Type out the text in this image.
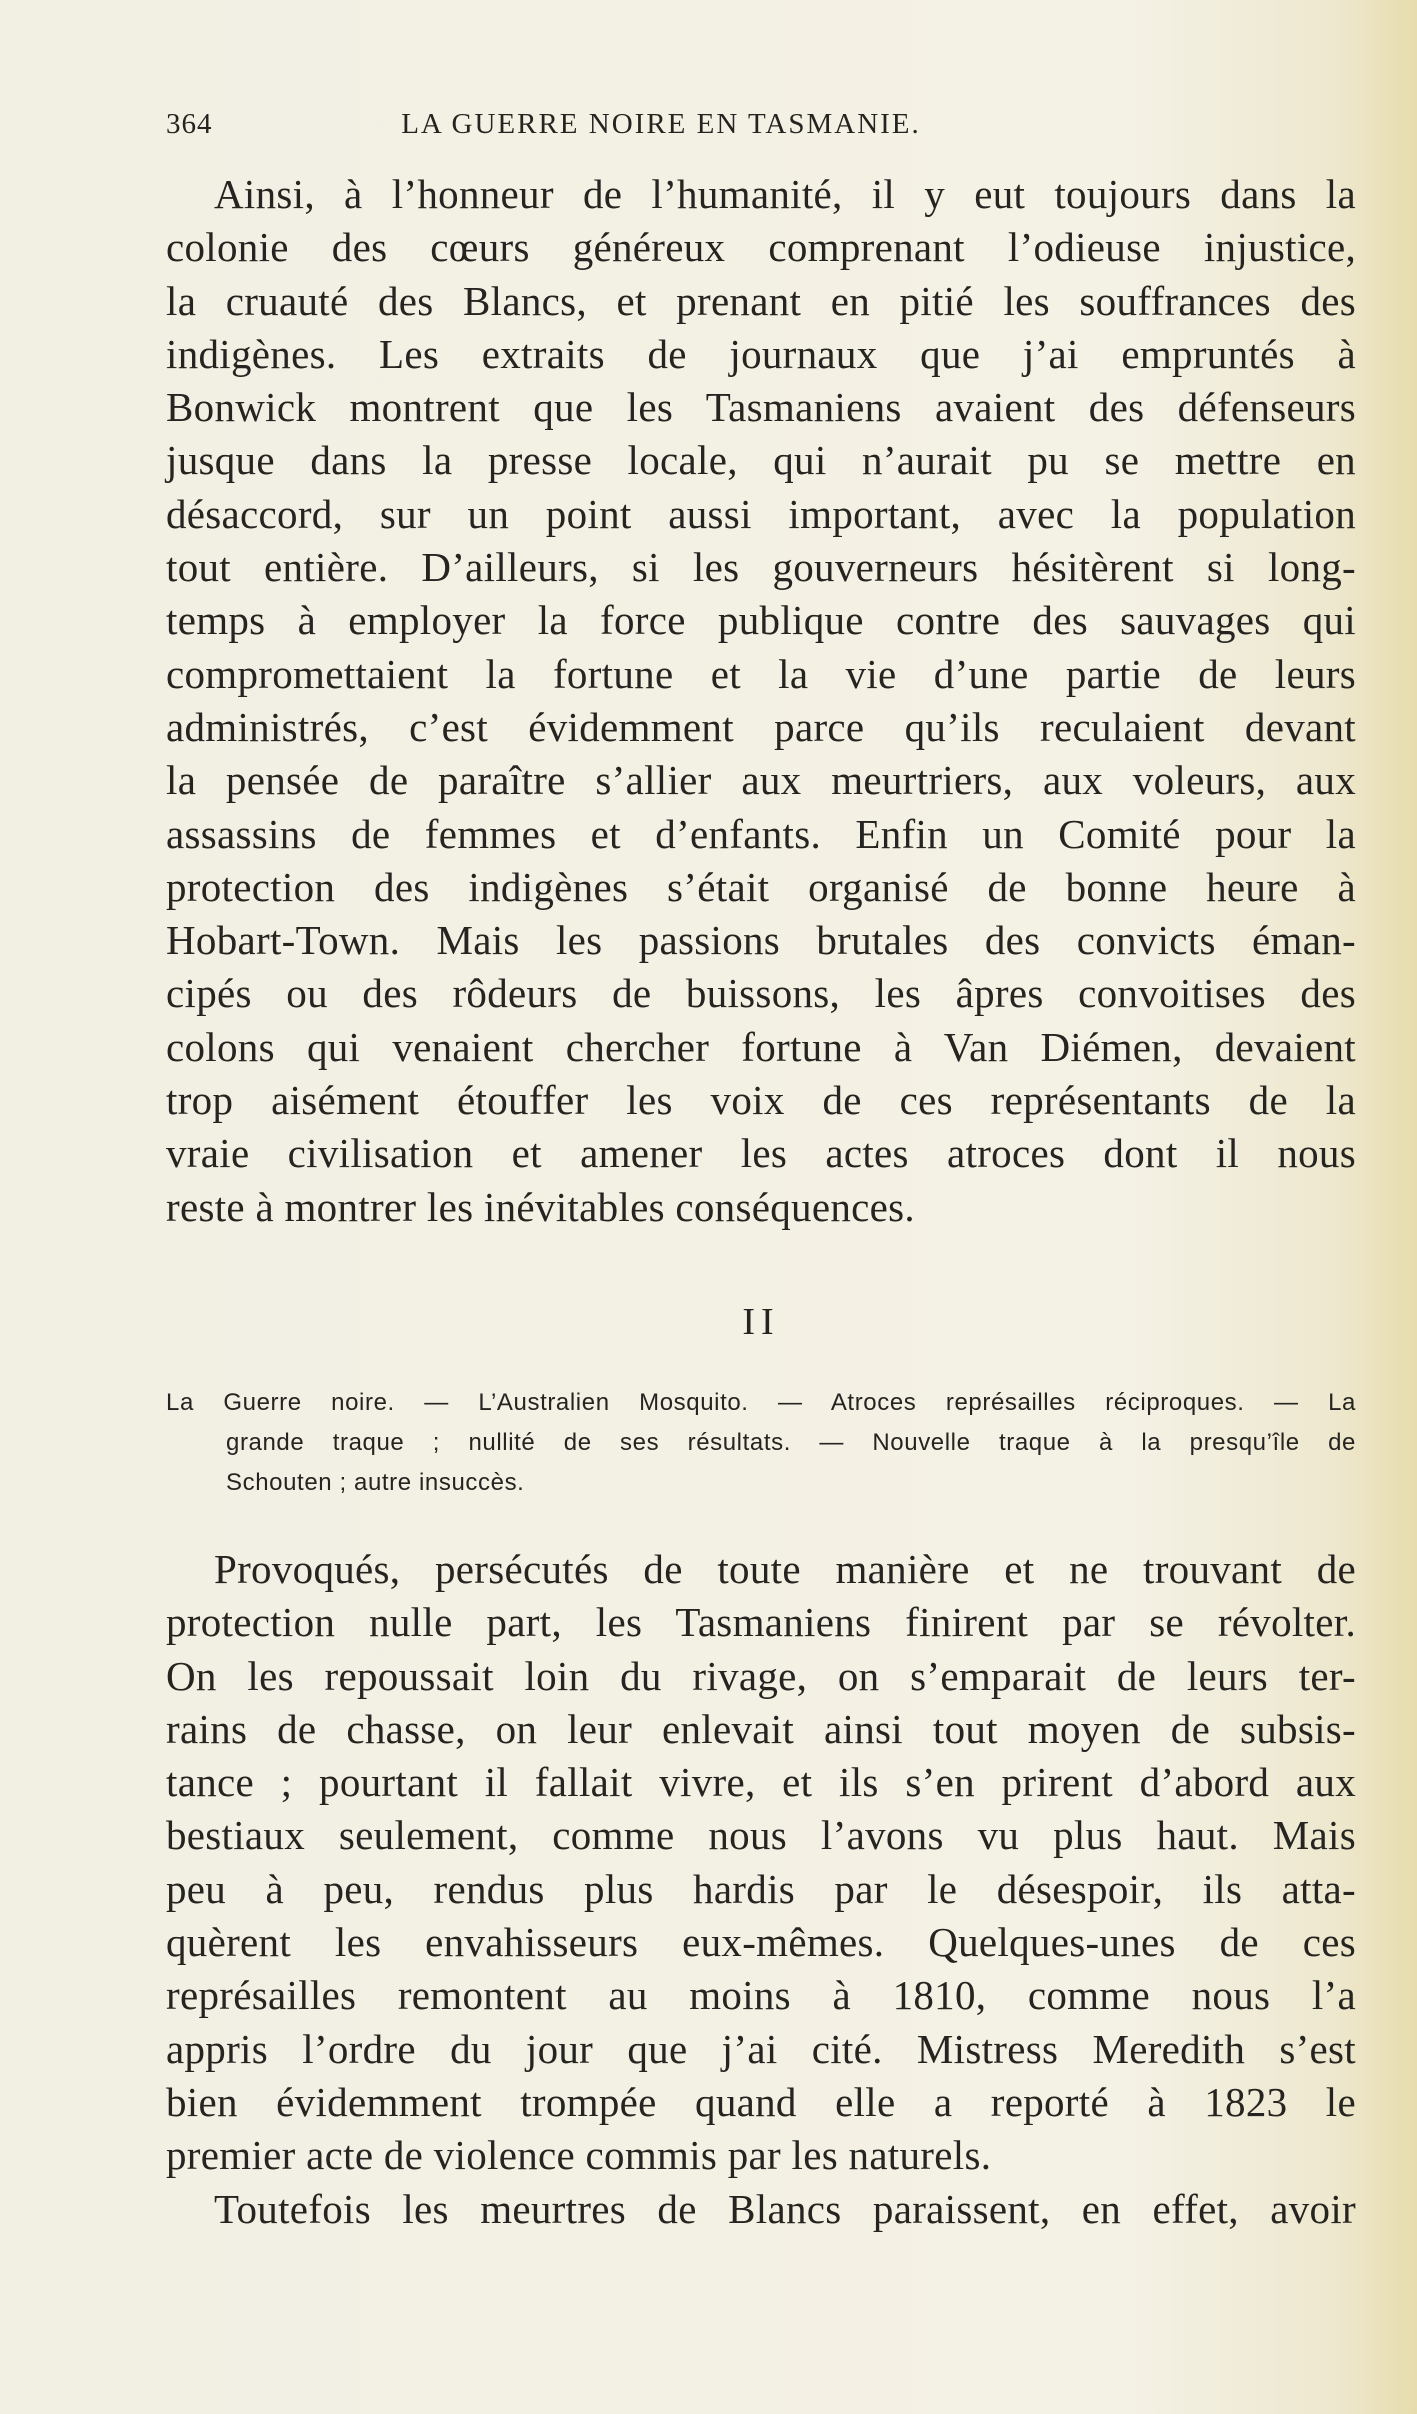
364	LA GUERRE NOIRE EN TASMANIE.
Ainsi, à l’honneur de l’humanité, il y eut toujours dans la
colonie des cœurs généreux comprenant l’odieuse injustice,
la cruauté des Blancs, et prenant en pitié les souffrances des
indigènes. Les extraits de journaux que j’ai empruntés à
Bonwick montrent que les Tasmaniens avaient des défenseurs
jusque dans la presse locale, qui n’aurait pu se mettre en
désaccord, sur un point aussi important, avec la population
tout entière. D’ailleurs, si les gouverneurs hésitèrent si long-
temps à employer la force publique contre des sauvages qui
compromettaient la fortune et la vie d’une partie de leurs
administrés, c’est évidemment parce qu’ils reculaient devant
la pensée de paraître s’allier aux meurtriers, aux voleurs, aux
assassins de femmes et d’enfants. Enfin un Comité pour la
protection des indigènes s’était organisé de bonne heure à
Hobart-Town. Mais les passions brutales des convicts éman-
cipés ou des rôdeurs de buissons, les âpres convoitises des
colons qui venaient chercher fortune à Van Diémen, devaient
trop aisément étouffer les voix de ces représentants de la
vraie civilisation et amener les actes atroces dont il nous
reste à montrer les inévitables conséquences.
II
La Guerre noire. — L’Australien Mosquito. — Atroces représailles réciproques. — La
grande traque ; nullité de ses résultats. — Nouvelle traque à la presqu’île de
Schouten ; autre insuccès.
Provoqués, persécutés de toute manière et ne trouvant de
protection nulle part, les Tasmaniens finirent par se révolter.
On les repoussait loin du rivage, on s’emparait de leurs ter-
rains de chasse, on leur enlevait ainsi tout moyen de subsis-
tance ; pourtant il fallait vivre, et ils s’en prirent d’abord aux
bestiaux seulement, comme nous l’avons vu plus haut. Mais
peu à peu, rendus plus hardis par le désespoir, ils atta-
quèrent les envahisseurs eux-mêmes. Quelques-unes de ces
représailles remontent au moins à 1810, comme nous l’a
appris l’ordre du jour que j’ai cité. Mistress Meredith s’est
bien évidemment trompée quand elle a reporté à 1823 le
premier acte de violence commis par les naturels.
Toutefois les meurtres de Blancs paraissent, en effet, avoir
